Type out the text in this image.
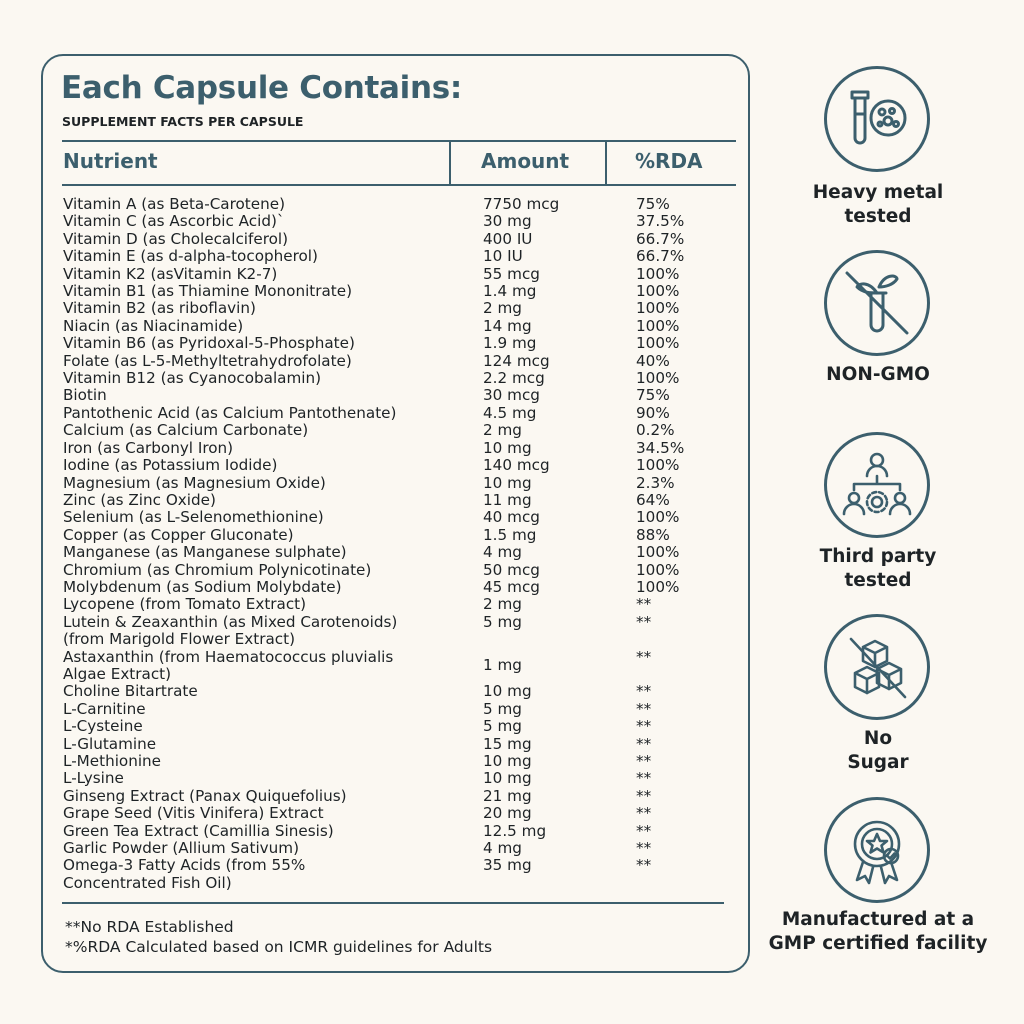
Each Capsule Contains:
SUPPLEMENT FACTS PER CAPSULE
Nutrient	Amount	%RDA
Vitamin A (as Beta-Carotene)	7750 mcg	75%
Vitamin C (as Ascorbic Acid)`	30 mg	37.5%
Vitamin D (as Cholecalciferol)	400 IU	66.7%
Vitamin E (as d-alpha-tocopherol)	10 IU	66.7%
Vitamin K2 (asVitamin K2-7)	55 mcg	100%
Vitamin B1 (as Thiamine Mononitrate)	1.4 mg	100%
Vitamin B2 (as riboflavin)	2 mg	100%
Niacin (as Niacinamide)	14 mg	100%
Vitamin B6 (as Pyridoxal-5-Phosphate)	1.9 mg	100%
Folate (as L-5-Methyltetrahydrofolate)	124 mcg	40%
Vitamin B12 (as Cyanocobalamin)	2.2 mcg	100%
Biotin	30 mcg	75%
Pantothenic Acid (as Calcium Pantothenate)	4.5 mg	90%
Calcium (as Calcium Carbonate)	2 mg	0.2%
Iron (as Carbonyl Iron)	10 mg	34.5%
Iodine (as Potassium Iodide)	140 mcg	100%
Magnesium (as Magnesium Oxide)	10 mg	2.3%
Zinc (as Zinc Oxide)	11 mg	64%
Selenium (as L-Selenomethionine)	40 mcg	100%
Copper (as Copper Gluconate)	1.5 mg	88%
Manganese (as Manganese sulphate)	4 mg	100%
Chromium (as Chromium Polynicotinate)	50 mcg	100%
Molybdenum (as Sodium Molybdate)	45 mcg	100%
Lycopene (from Tomato Extract)	2 mg	**
Lutein & Zeaxanthin (as Mixed Carotenoids)
(from Marigold Flower Extract)
5 mg	**
Astaxanthin (from Haematococcus pluvialis
Algae Extract)
1 mg	**
Choline Bitartrate	10 mg	**
L-Carnitine	5 mg	**
L-Cysteine	5 mg	**
L-Glutamine	15 mg	**
L-Methionine	10 mg	**
L-Lysine	10 mg	**
Ginseng Extract (Panax Quiquefolius)	21 mg	**
Grape Seed (Vitis Vinifera) Extract	20 mg	**
Green Tea Extract (Camillia Sinesis)	12.5 mg	**
Garlic Powder (Allium Sativum)	4 mg	**
Omega-3 Fatty Acids (from 55%
Concentrated Fish Oil)
35 mg	**
**No RDA Established
*%RDA Calculated based on ICMR guidelines for Adults
Heavy metal
tested
NON-GMO
Third party
tested
No
Sugar
Manufactured at a
GMP certified facility
